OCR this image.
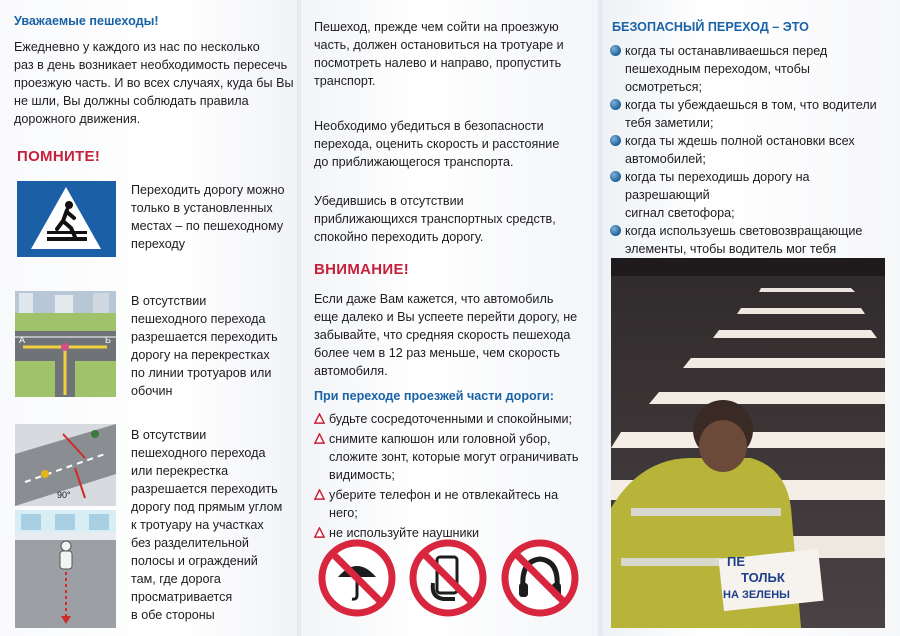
Уважаемые пешеходы!

Ежедневно у каждого из нас по несколько
раз в день возникает необходимость пересечь
проезжую часть. И во всех случаях, куда бы Вы
не шли, Вы должны соблюдать правила
дорожного движения.

ПОМНИТЕ!

Переходить дорогу можно
только в установленных
местах – по пешеходному
переходу
А	Б
В отсутствии
пешеходного перехода
разрешается переходить
дорогу на перекрестках
по линии тротуаров или
обочин
90°
В отсутствии
пешеходного перехода
или перекрестка
разрешается переходить
дорогу под прямым углом
к тротуару на участках
без разделительной
полосы и ограждений
там, где дорога
просматривается
в обе стороны
Пешеход, прежде чем сойти на проезжую
часть, должен остановиться на тротуаре и
посмотреть налево и направо, пропустить
транспорт.
Необходимо убедиться в безопасности
перехода, оценить скорость и расстояние
до приближающегося транспорта.
Убедившись в отсутствии
приближающихся транспортных средств,
спокойно переходить дорогу.

ВНИМАНИЕ!

Если даже Вам кажется, что автомобиль
еще далеко и Вы успеете перейти дорогу, не
забывайте, что средняя скорость пешехода
более чем в 12 раз меньше, чем скорость
автомобиля.

При переходе проезжей части дороги:

будьте сосредоточенными и спокойными;
снимите капюшон или головной убор,
сложите зонт, которые могут ограничивать
видимость;
уберите телефон и не отвлекайтесь на него;
не используйте наушники

БЕЗОПАСНЫЙ ПЕРЕХОД – ЭТО

когда ты останавливаешься перед
пешеходным переходом, чтобы осмотреться;
когда ты убеждаешься в том, что водители
тебя заметили;
когда ты ждешь полной остановки всех
автомобилей;
когда ты переходишь дорогу на разрешающий
сигнал светофора;
когда используешь световозвращающие
элементы, чтобы водитель мог тебя
ПЕ
ТОЛЬК
НА ЗЕЛЕНЫ
